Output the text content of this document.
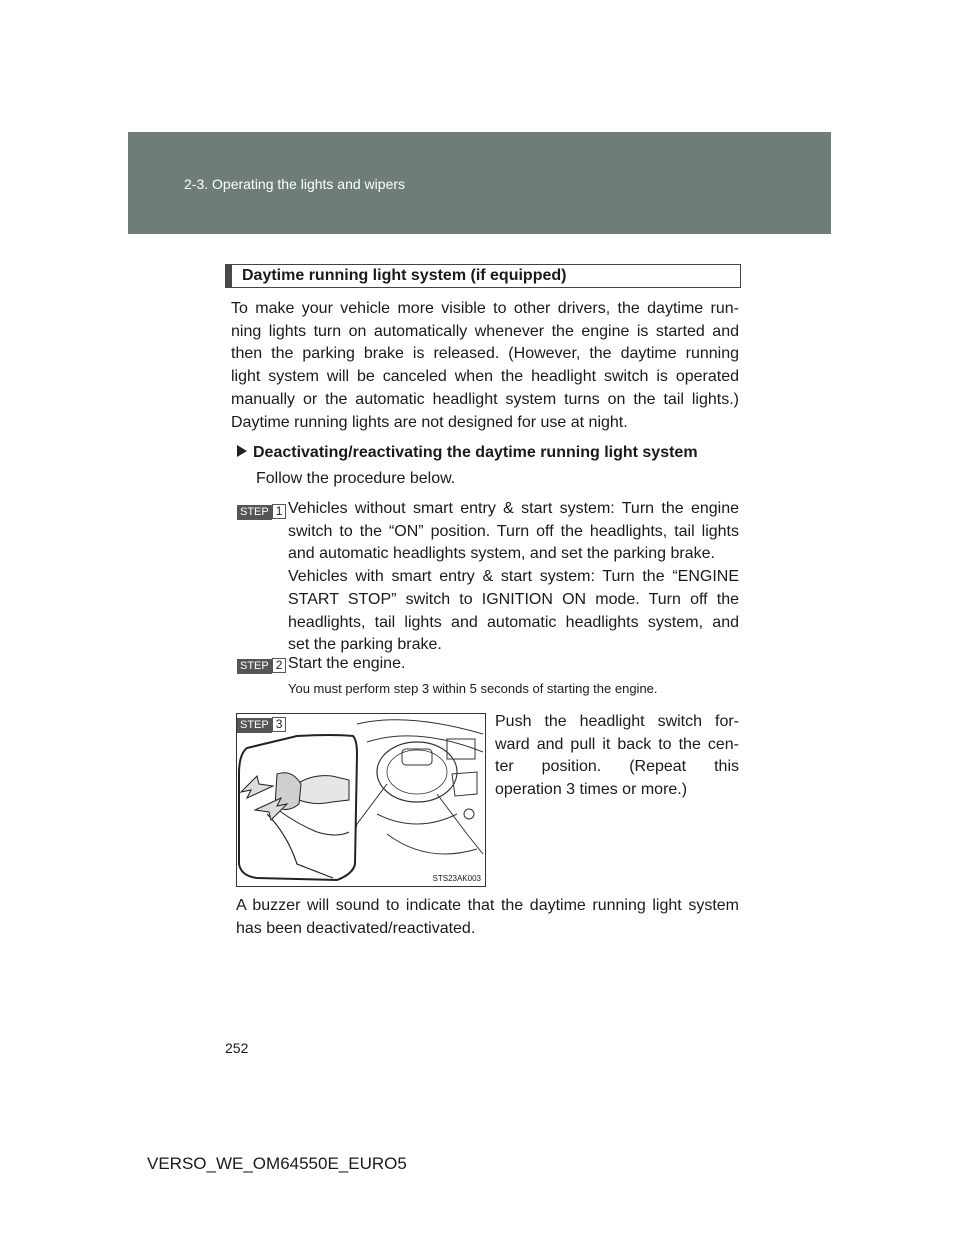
2-3. Operating the lights and wipers
Daytime running light system (if equipped)
To make your vehicle more visible to other drivers, the daytime run-
ning lights turn on automatically whenever the engine is started and
then the parking brake is released. (However, the daytime running
light system will be canceled when the headlight switch is operated
manually or the automatic headlight system turns on the tail lights.)
Daytime running lights are not designed for use at night.
Deactivating/reactivating the daytime running light system
Follow the procedure below.
STEP 1 Vehicles without smart entry & start system: Turn the engine
switch to the “ON” position. Turn off the headlights, tail lights
and automatic headlights system, and set the parking brake.
Vehicles with smart entry & start system: Turn the “ENGINE
START STOP” switch to IGNITION ON mode. Turn off the
headlights, tail lights and automatic headlights system, and
set the parking brake.
STEP 2 Start the engine.
You must perform step 3 within 5 seconds of starting the engine.
STS23AK003
STEP 3	Push the headlight switch for-
ward and pull it back to the cen-
ter position. (Repeat this
operation 3 times or more.)
A buzzer will sound to indicate that the daytime running light system
has been deactivated/reactivated.
252
VERSO_WE_OM64550E_EURO5
